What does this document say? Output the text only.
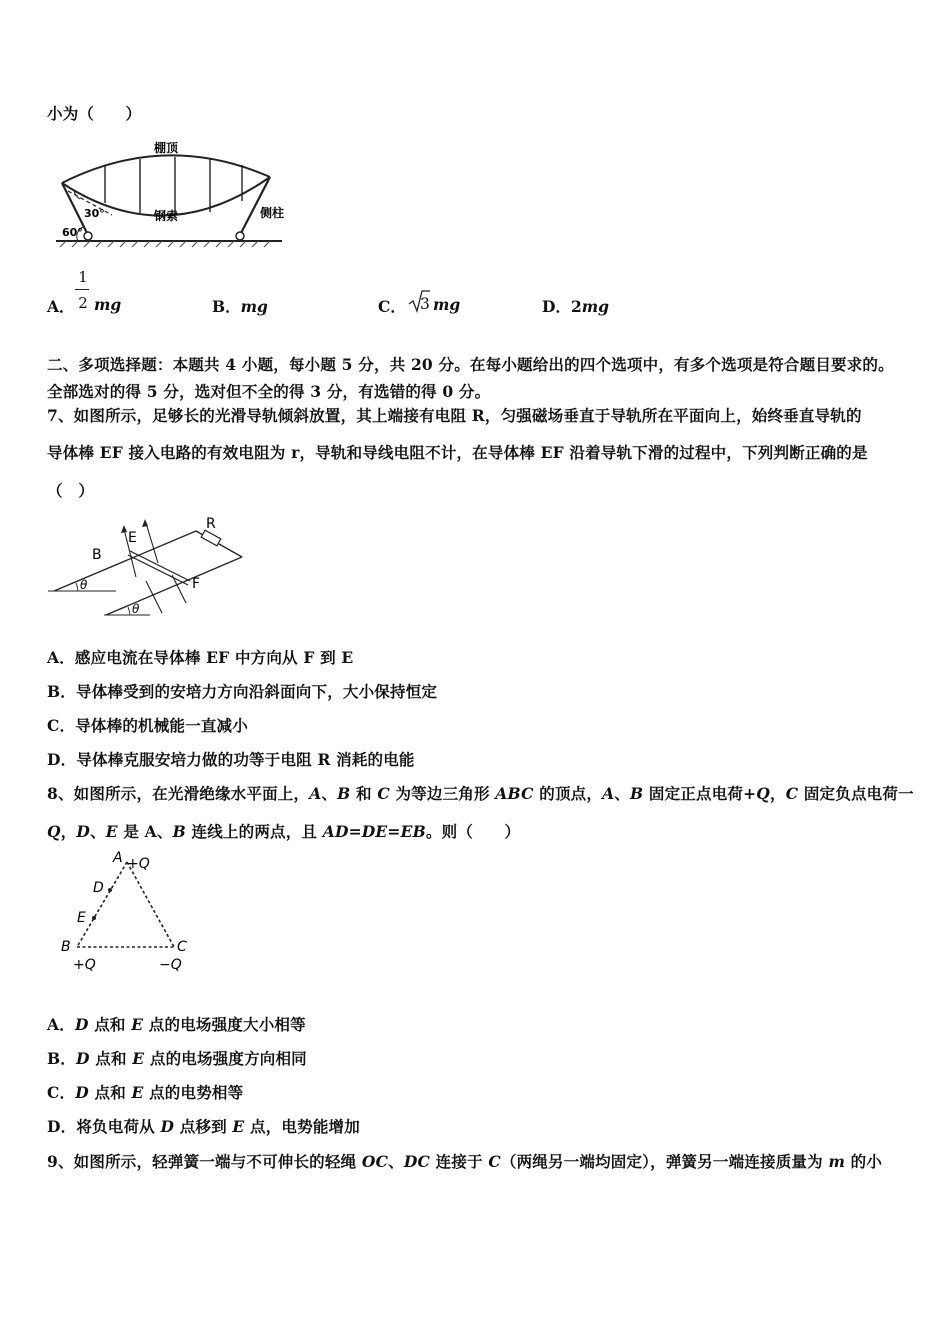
小为（　　）
棚顶
钢索	侧柱
30°
60°
A．
1
2 mg	B．mg	C． 3 mg	D．2mg
二、多项选择题：本题共 4 小题，每小题 5 分，共 20 分。在每小题给出的四个选项中，有多个选项是符合题目要求的。
全部选对的得 5 分，选对但不全的得 3 分，有选错的得 0 分。
7、如图所示，足够长的光滑导轨倾斜放置，其上端接有电阻 R，匀强磁场垂直于导轨所在平面向上，始终垂直导轨的
导体棒 EF 接入电路的有效电阻为 r，导轨和导线电阻不计，在导体棒 EF 沿着导轨下滑的过程中，下列判断正确的是
（　）
B
E
R
F
θ
θ
A．感应电流在导体棒 EF 中方向从 F 到 E
B．导体棒受到的安培力方向沿斜面向下，大小保持恒定
C．导体棒的机械能一直减小
D．导体棒克服安培力做的功等于电阻 R 消耗的电能
8、如图所示，在光滑绝缘水平面上，A、B 和 C 为等边三角形 ABC 的顶点，A、B 固定正点电荷+Q，C 固定负点电荷一
Q，D、E 是 A、B 连线上的两点，且 AD=DE=EB。则（　　）
A +Q
D
E
B	C
+Q	−Q
A．D 点和 E 点的电场强度大小相等
B．D 点和 E 点的电场强度方向相同
C．D 点和 E 点的电势相等
D．将负电荷从 D 点移到 E 点，电势能增加
9、如图所示，轻弹簧一端与不可伸长的轻绳 OC、DC 连接于 C（两绳另一端均固定），弹簧另一端连接质量为 m 的小
